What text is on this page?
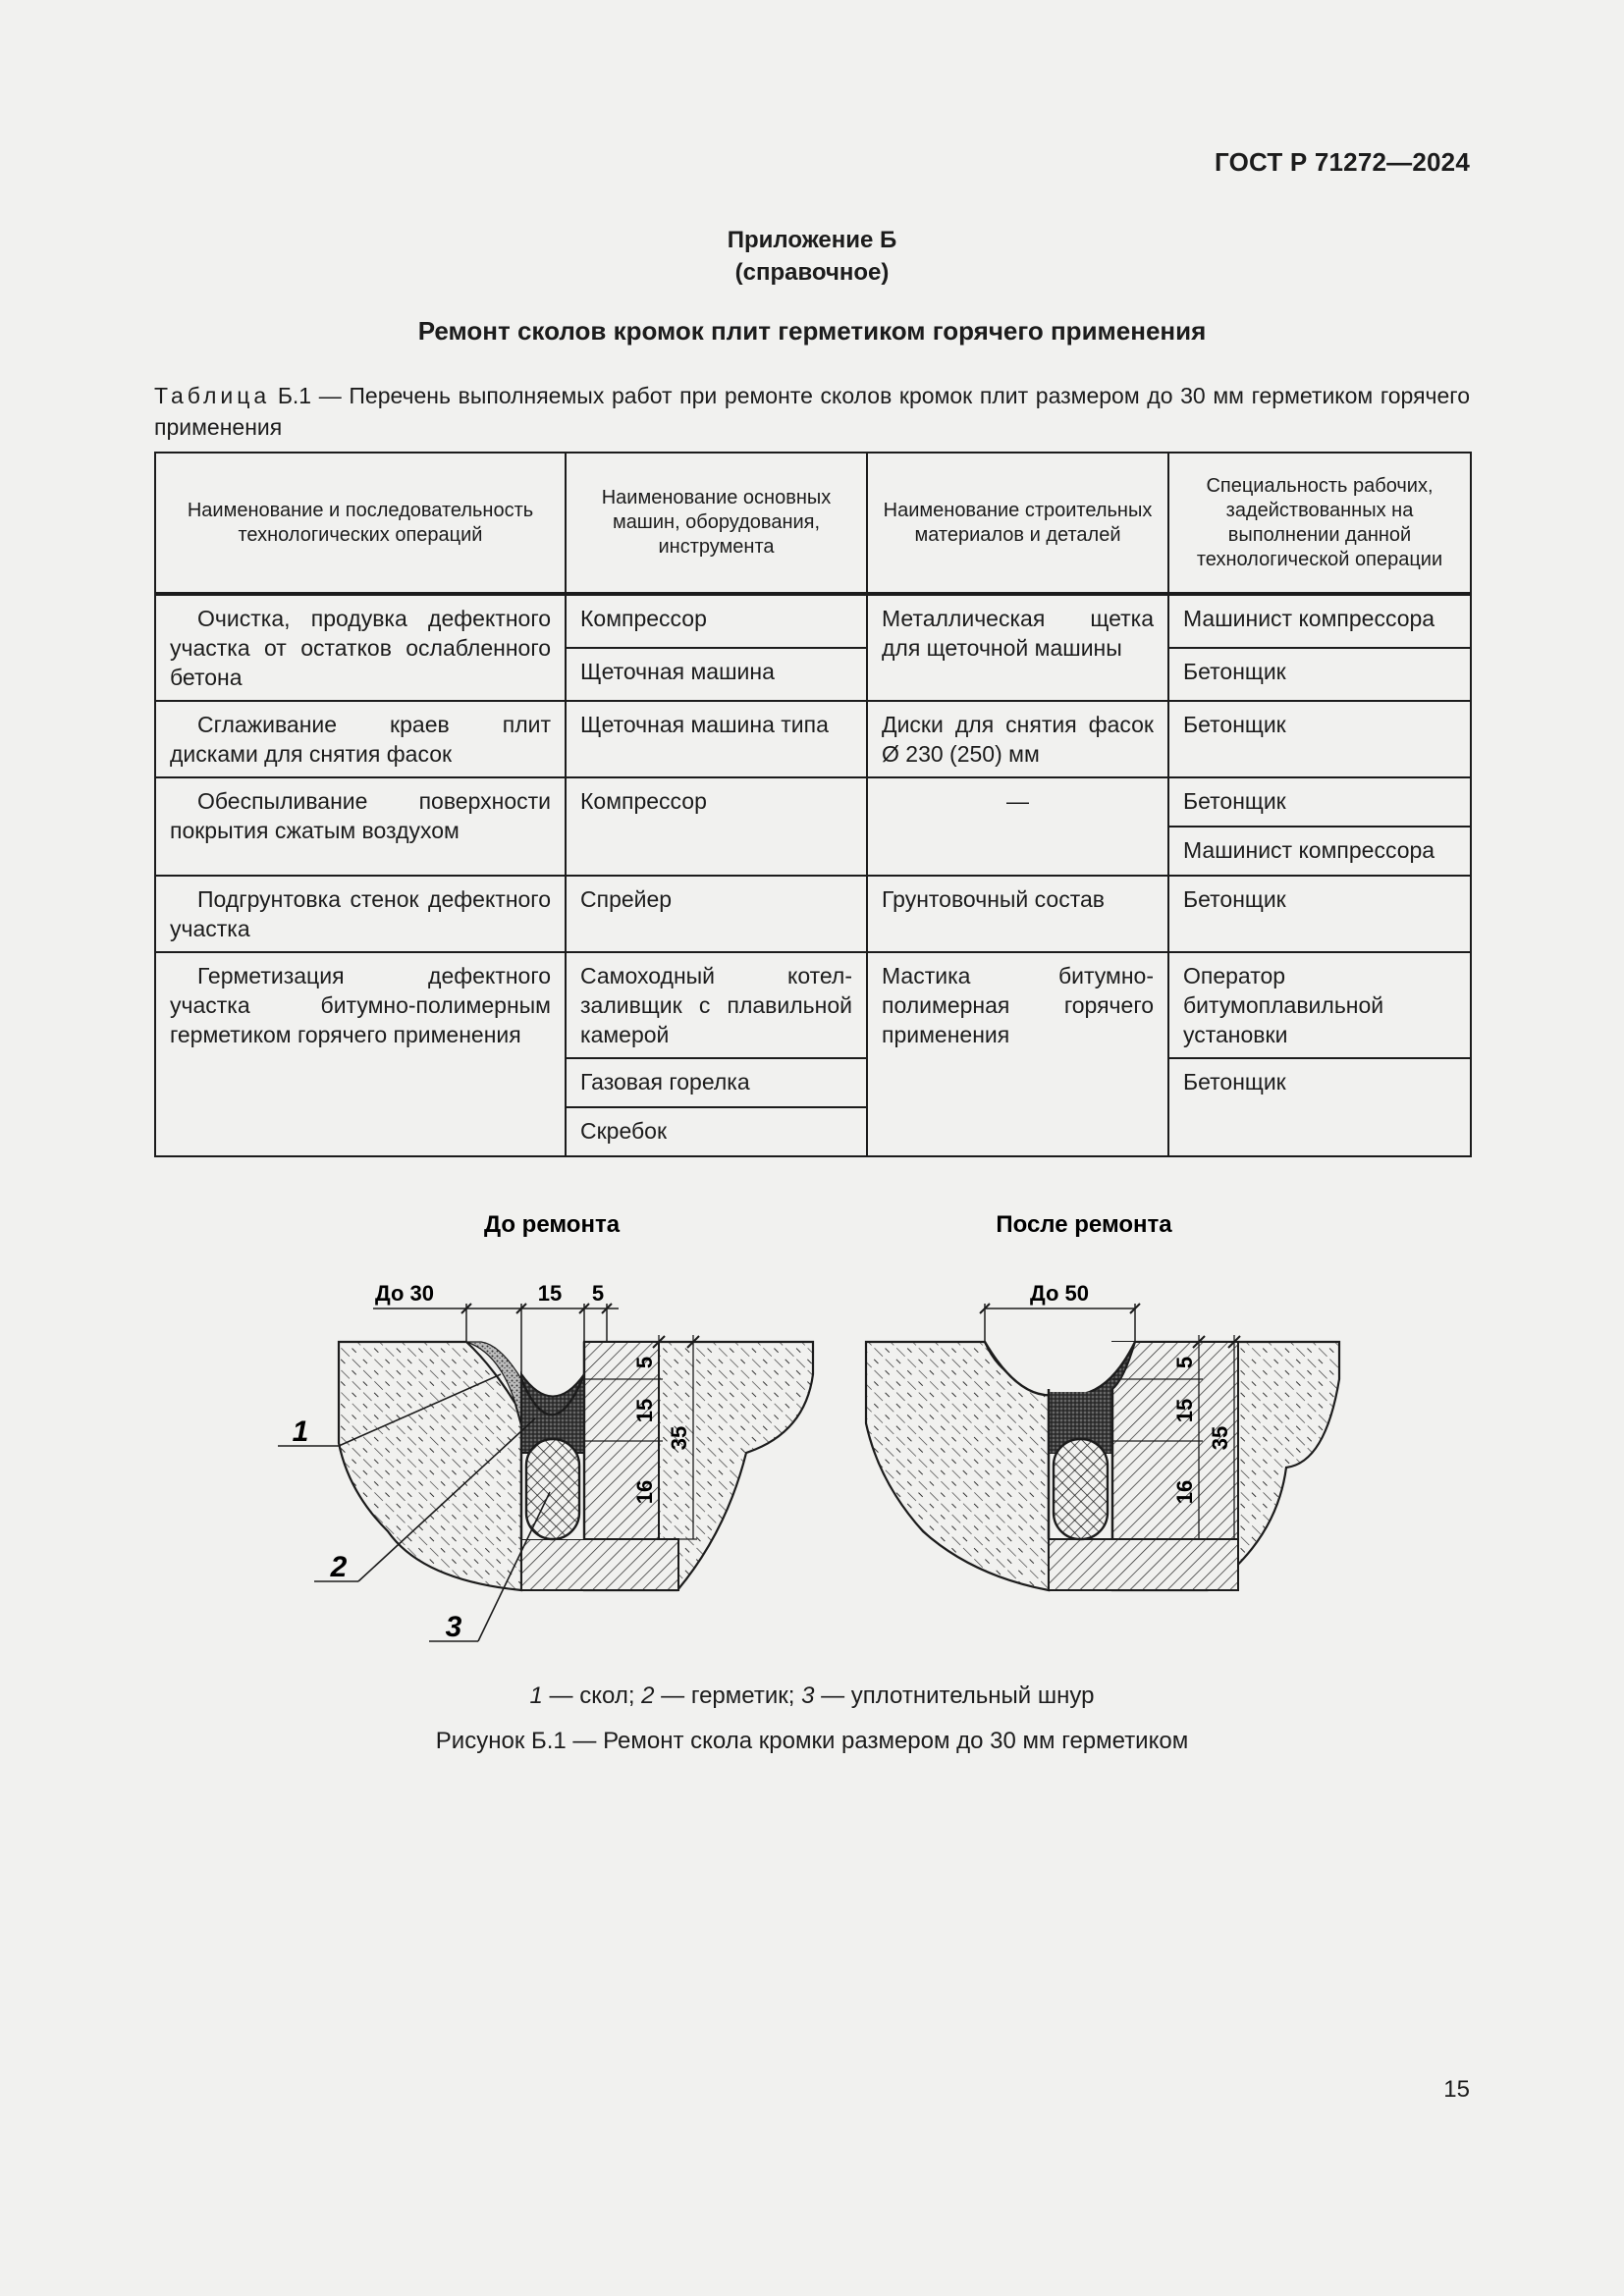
ГОСТ Р 71272—2024
Приложение Б
(справочное)
Ремонт сколов кромок плит герметиком горячего применения
Таблица Б.1 — Перечень выполняемых работ при ремонте сколов кромок плит размером до 30 мм герметиком горячего применения
Наименование и последовательность технологических операций	Наименование основных машин, оборудования, инструмента	Наименование строительных материалов и деталей	Специальность рабочих, задействованных на выполнении данной технологической операции
Очистка, продувка дефектного участка от остатков ослабленного бетона	Компрессор	Металлическая щетка для щеточной машины	Машинист компрессора
	Щеточная машина		Бетонщик
Сглаживание краев плит дисками для снятия фасок	Щеточная машина типа	Диски для снятия фасок Ø 230 (250) мм	Бетонщик
Обеспыливание поверхности покрытия сжатым воздухом	Компрессор	—	Бетонщик
			Машинист компрессора
Подгрунтовка стенок дефектного участка	Спрейер	Грунтовочный состав	Бетонщик
Герметизация дефектного участка битумно-полимерным герметиком горячего применения	Самоходный котел-заливщик с плавильной камерой	Мастика битумно-полимерная горячего применения	Оператор битумоплавильной установки
	Газовая горелка		Бетонщик
	Скребок		
До ремонта
До 30	15 5
5
15
35
16
1
2
3
После ремонта
До 50
5
15
35
16
1 — скол; 2 — герметик; 3 — уплотнительный шнур
Рисунок Б.1 — Ремонт скола кромки размером до 30 мм герметиком
15
